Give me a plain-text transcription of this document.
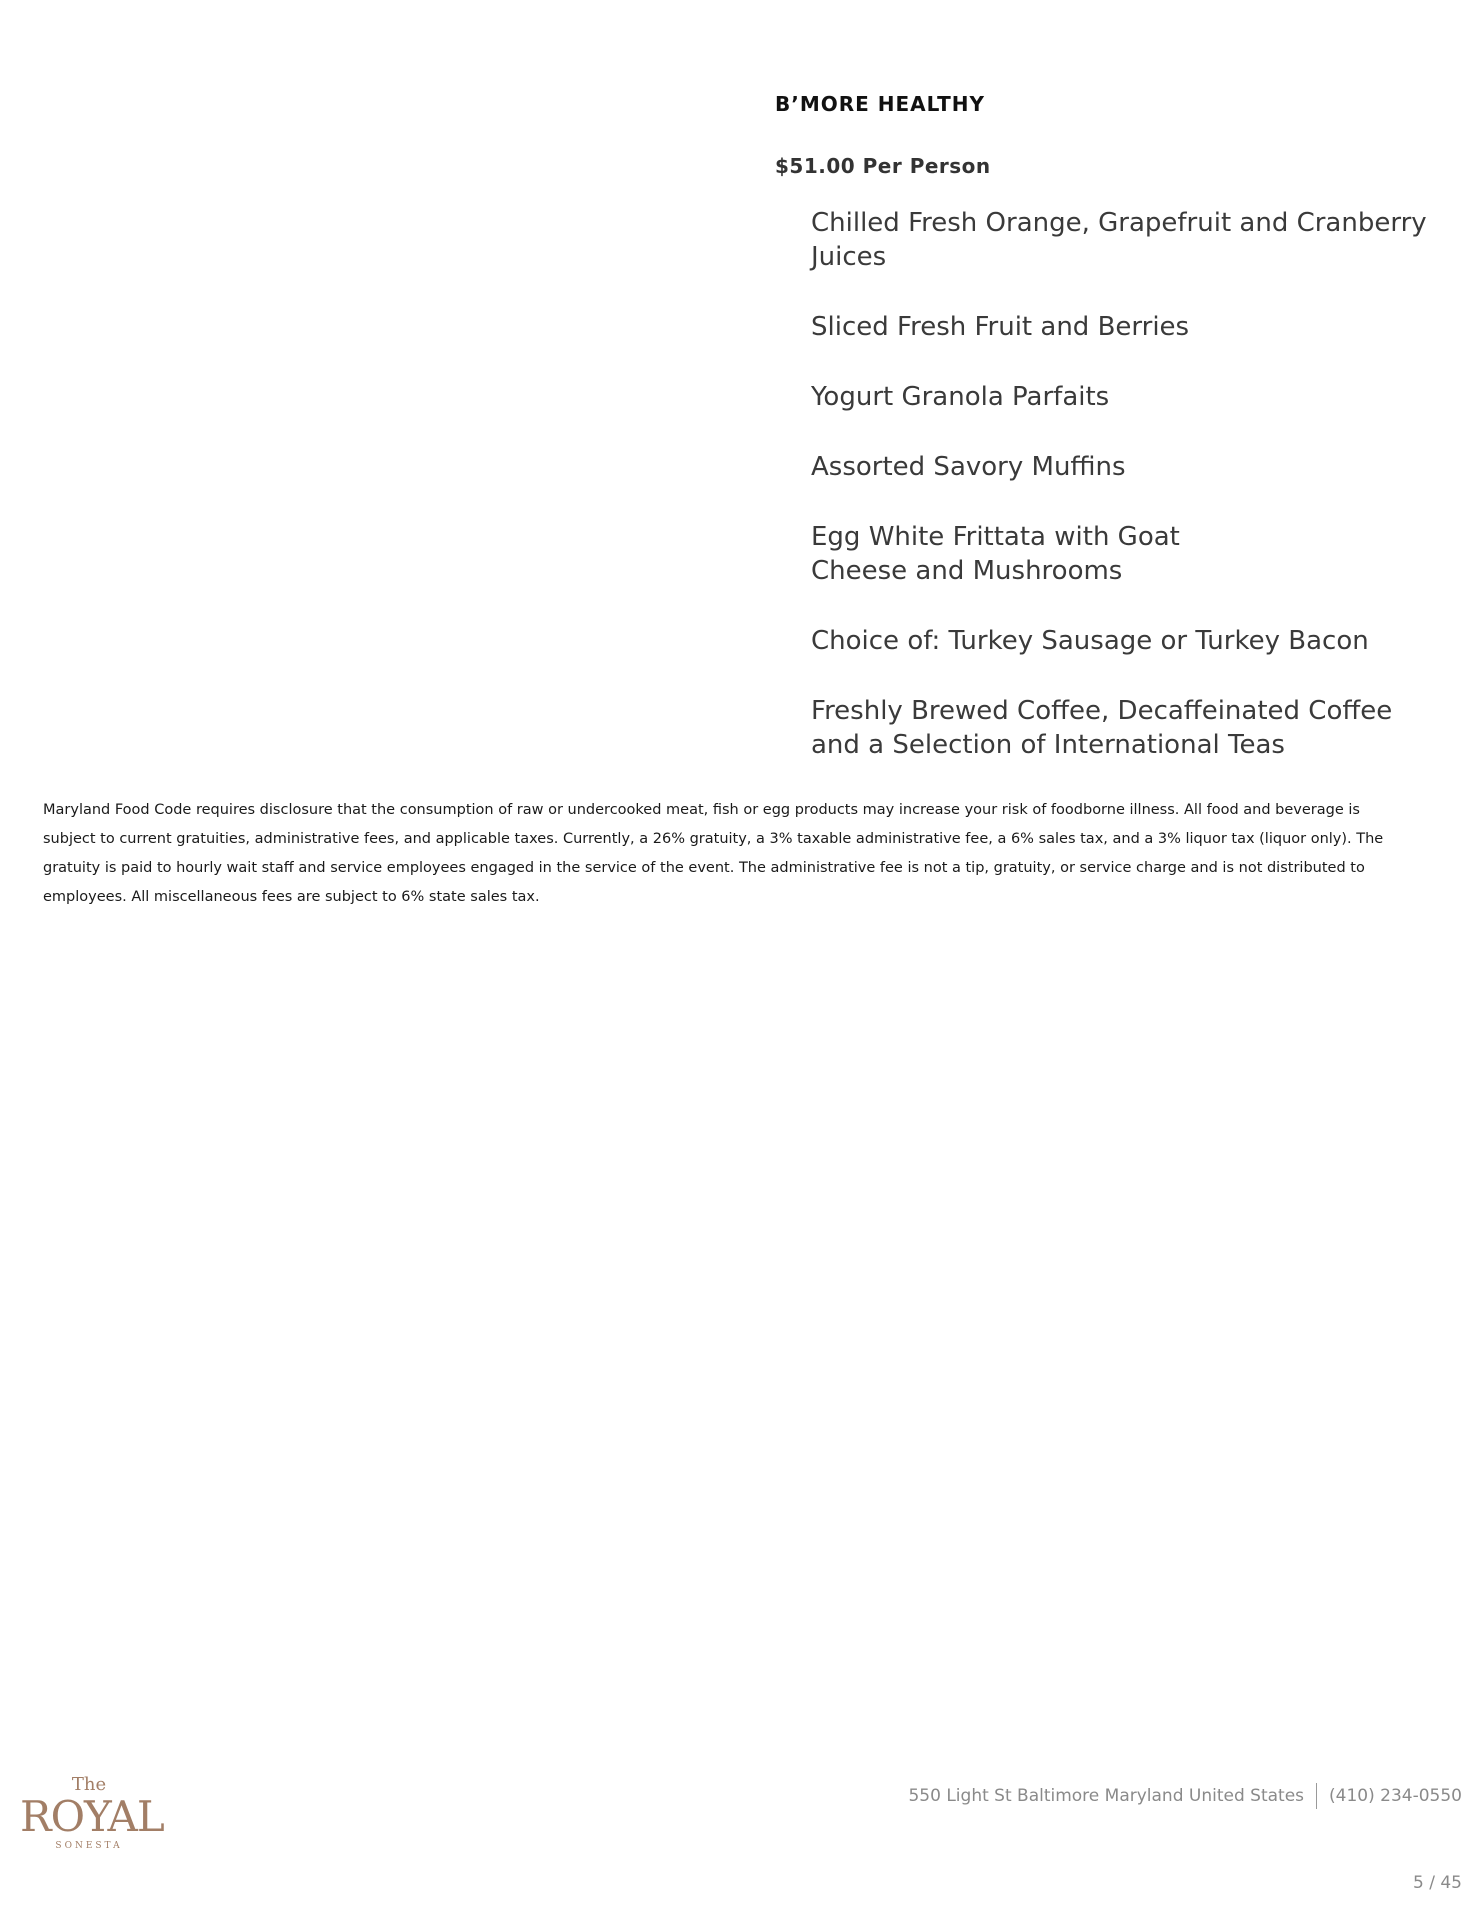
B’MORE HEALTHY

$51.00 Per Person

Chilled Fresh Orange, Grapefruit and Cranberry Juices
Sliced Fresh Fruit and Berries
Yogurt Granola Parfaits
Assorted Savory Muffins
Egg White Frittata with Goat Cheese and Mushrooms
Choice of: Turkey Sausage or Turkey Bacon
Freshly Brewed Coffee, Decaffeinated Coffee and a Selection of International Teas

Maryland Food Code requires disclosure that the consumption of raw or undercooked meat, fish or egg products may increase your risk of foodborne illness. All food and beverage is subject to current gratuities, administrative fees, and applicable taxes. Currently, a 26% gratuity, a 3% taxable administrative fee, a 6% sales tax, and a 3% liquor tax (liquor only). The gratuity is paid to hourly wait staff and service employees engaged in the service of the event. The administrative fee is not a tip, gratuity, or service charge and is not distributed to employees. All miscellaneous fees are subject to 6% state sales tax.

The
ROYAL
SONESTA
550 Light St Baltimore Maryland United States (410) 234-0550
5 / 45
